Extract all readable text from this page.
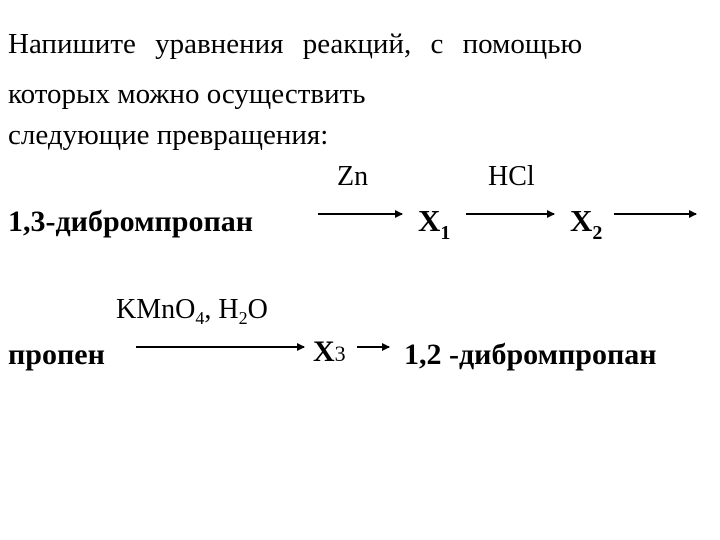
Напишите уравнения реакций, с помощью
которых можно осуществить
следующие превращения:
Zn	HCl
1,3-дибромпропан	$X_1$	$X_2$
KMnO$_4$, $H_2O$
пропен	X3 1,2 -дибромпропан
